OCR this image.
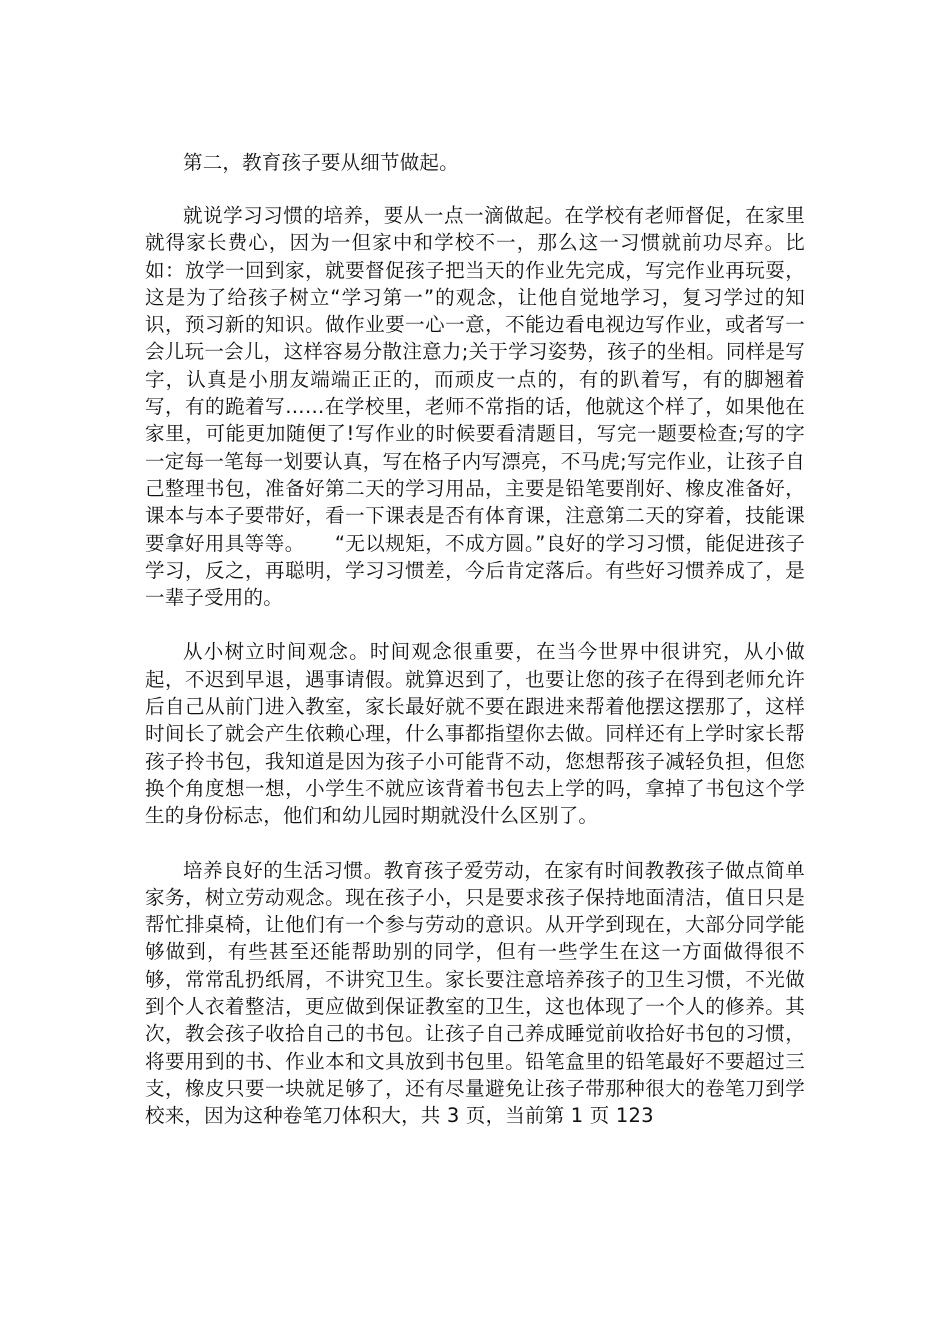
第二，教育孩子要从细节做起。

就说学习习惯的培养，要从一点一滴做起。在学校有老师督促，在家里就得家长费心，因为一但家中和学校不一，那么这一习惯就前功尽弃。比如：放学一回到家，就要督促孩子把当天的作业先完成，写完作业再玩耍，这是为了给孩子树立“学习第一”的观念，让他自觉地学习，复习学过的知识，预习新的知识。做作业要一心一意，不能边看电视边写作业，或者写一会儿玩一会儿，这样容易分散注意力;关于学习姿势，孩子的坐相。同样是写字，认真是小朋友端端正正的，而顽皮一点的，有的趴着写，有的脚翘着写，有的跪着写……在学校里，老师不常指的话，他就这个样了，如果他在家里，可能更加随便了!写作业的时候要看清题目，写完一题要检查;写的字一定每一笔每一划要认真，写在格子内写漂亮，不马虎;写完作业，让孩子自己整理书包，准备好第二天的学习用品，主要是铅笔要削好、橡皮准备好，课本与本子要带好，看一下课表是否有体育课，注意第二天的穿着，技能课要拿好用具等等。　　“无以规矩，不成方圆。”良好的学习习惯，能促进孩子学习，反之，再聪明，学习习惯差，今后肯定落后。有些好习惯养成了，是一辈子受用的。

从小树立时间观念。时间观念很重要，在当今世界中很讲究，从小做起，不迟到早退，遇事请假。就算迟到了，也要让您的孩子在得到老师允许后自己从前门进入教室，家长最好就不要在跟进来帮着他摆这摆那了，这样时间长了就会产生依赖心理，什么事都指望你去做。同样还有上学时家长帮孩子拎书包，我知道是因为孩子小可能背不动，您想帮孩子减轻负担，但您换个角度想一想，小学生不就应该背着书包去上学的吗，拿掉了书包这个学生的身份标志，他们和幼儿园时期就没什么区别了。

培养良好的生活习惯。教育孩子爱劳动，在家有时间教教孩子做点简单家务，树立劳动观念。现在孩子小，只是要求孩子保持地面清洁，值日只是帮忙排桌椅，让他们有一个参与劳动的意识。从开学到现在，大部分同学能够做到，有些甚至还能帮助别的同学，但有一些学生在这一方面做得很不够，常常乱扔纸屑，不讲究卫生。家长要注意培养孩子的卫生习惯，不光做到个人衣着整洁，更应做到保证教室的卫生，这也体现了一个人的修养。其次，教会孩子收拾自己的书包。让孩子自己养成睡觉前收拾好书包的习惯，将要用到的书、作业本和文具放到书包里。铅笔盒里的铅笔最好不要超过三支，橡皮只要一块就足够了，还有尽量避免让孩子带那种很大的卷笔刀到学校来，因为这种卷笔刀体积大，共 3 页，当前第 1 页 123
